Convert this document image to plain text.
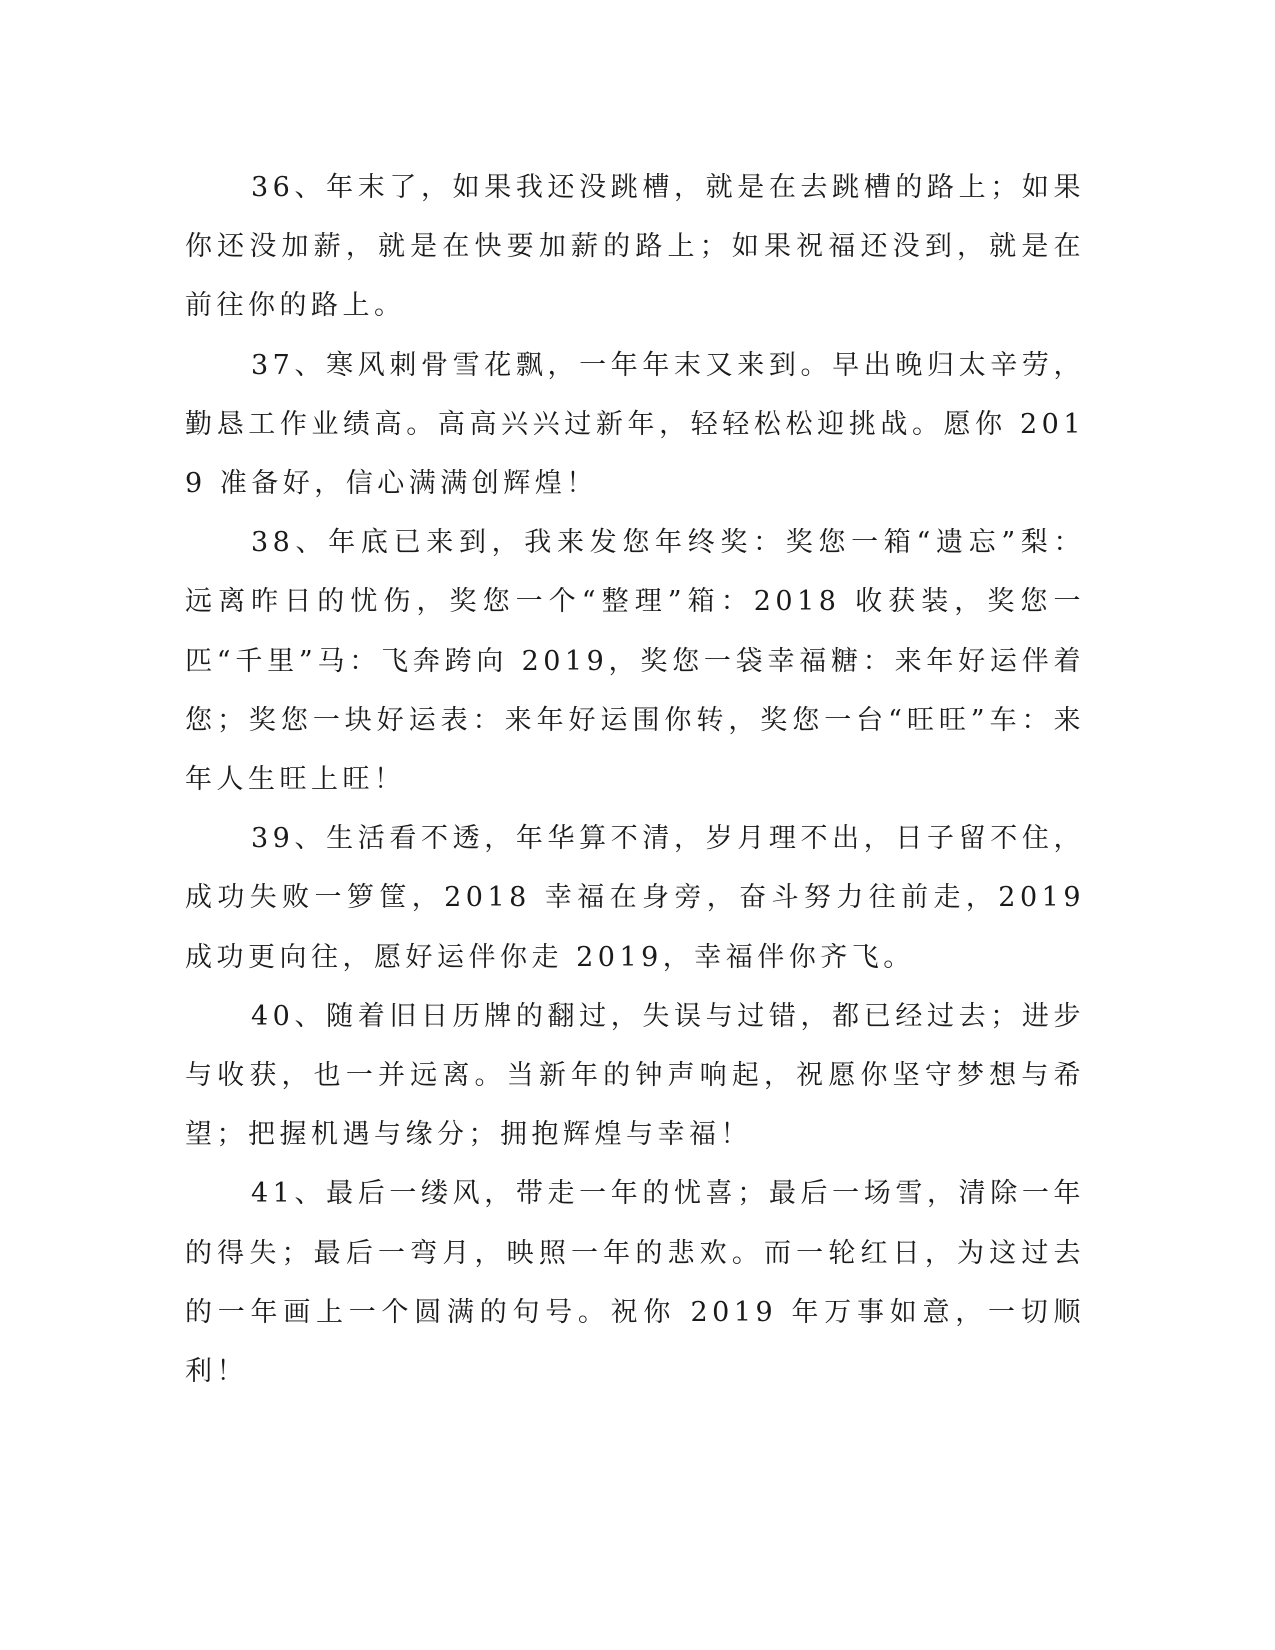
36、年末了，如果我还没跳槽，就是在去跳槽的路上；如果你还没加薪，就是在快要加薪的路上；如果祝福还没到，就是在前往你的路上。

37、寒风刺骨雪花飘，一年年末又来到。早出晚归太辛劳，勤恳工作业绩高。高高兴兴过新年，轻轻松松迎挑战。愿你 2019 准备好，信心满满创辉煌！

38、年底已来到，我来发您年终奖：奖您一箱“遗忘”梨：远离昨日的忧伤，奖您一个“整理”箱：2018 收获装，奖您一匹“千里”马：飞奔跨向 2019，奖您一袋幸福糖：来年好运伴着您；奖您一块好运表：来年好运围你转，奖您一台“旺旺”车：来年人生旺上旺！

39、生活看不透，年华算不清，岁月理不出，日子留不住，成功失败一箩筐，2018 幸福在身旁，奋斗努力往前走，2019 成功更向往，愿好运伴你走 2019，幸福伴你齐飞。

40、随着旧日历牌的翻过，失误与过错，都已经过去；进步与收获，也一并远离。当新年的钟声响起，祝愿你坚守梦想与希望；把握机遇与缘分；拥抱辉煌与幸福！

41、最后一缕风，带走一年的忧喜；最后一场雪，清除一年的得失；最后一弯月，映照一年的悲欢。而一轮红日，为这过去的一年画上一个圆满的句号。祝你 2019 年万事如意，一切顺利！
